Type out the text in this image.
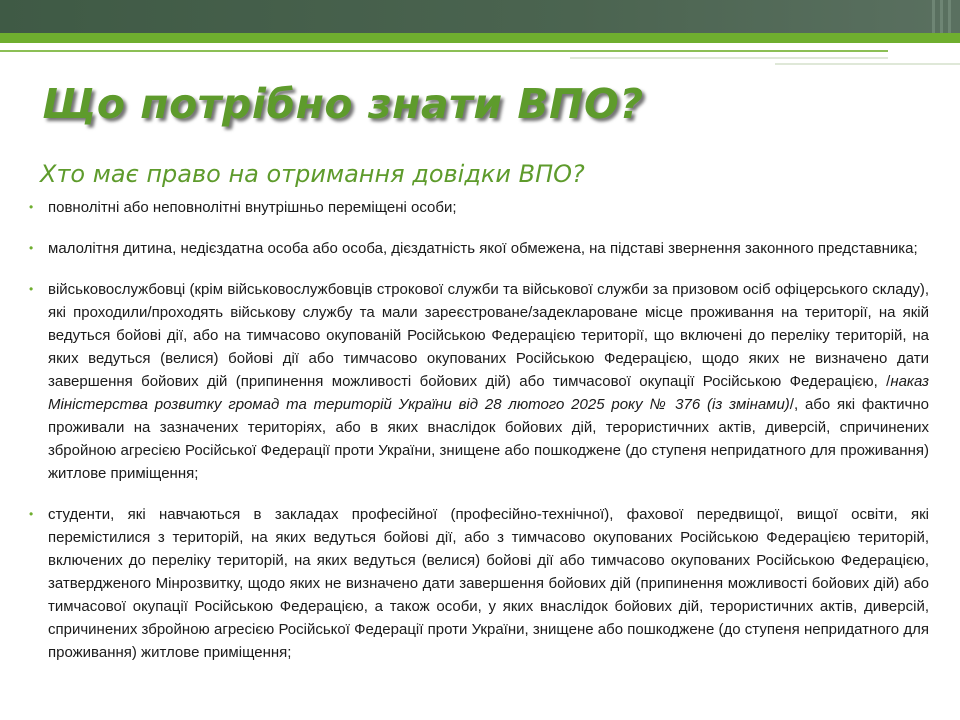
Що потрібно знати ВПО?
Хто має право на отримання довідки ВПО?
• повнолітні або неповнолітні внутрішньо переміщені особи;
• малолітня дитина, недієздатна особа або особа, дієздатність якої обмежена, на підставі звернення законного представника;
• військовослужбовці (крім військовослужбовців строкової служби та військової служби за призовом осіб офіцерського складу), які проходили/проходять військову службу та мали зареєстроване/задекларoване місце проживання на території, на якій ведуться бойові дії, або на тимчасово окупованій Російською Федерацією території, що включені до переліку територій, на яких ведуться (велися) бойові дії або тимчасово окупованих Російською Федерацією, щодо яких не визначено дати завершення бойових дій (припинення можливості бойових дій) або тимчасової окупації Російською Федерацією, /наказ Міністерства розвитку громад та територій України від 28 лютого 2025 року № 376 (із змінами)/, або які фактично проживали на зазначених територіях, або в яких внаслідок бойових дій, терористичних актів, диверсій, спричинених збройною агресією Російської Федерації проти України, знищене або пошкоджене (до ступеня непридатного для проживання) житлове приміщення;
• студенти, які навчаються в закладах професійної (професійно-технічної), фахової передвищої, вищої освіти, які перемістилися з територій, на яких ведуться бойові дії, або з тимчасово окупованих Російською Федерацією територій, включених до переліку територій, на яких ведуться (велися) бойові дії або тимчасово окупованих Російською Федерацією, затвердженого Мінрозвитку, щодо яких не визначено дати завершення бойових дій (припинення можливості бойових дій) або тимчасової окупації Російською Федерацією, а також особи, у яких внаслідок бойових дій, терористичних актів, диверсій, спричинених збройною агресією Російської Федерації проти України, знищене або пошкоджене (до ступеня непридатного для проживання) житлове приміщення;
